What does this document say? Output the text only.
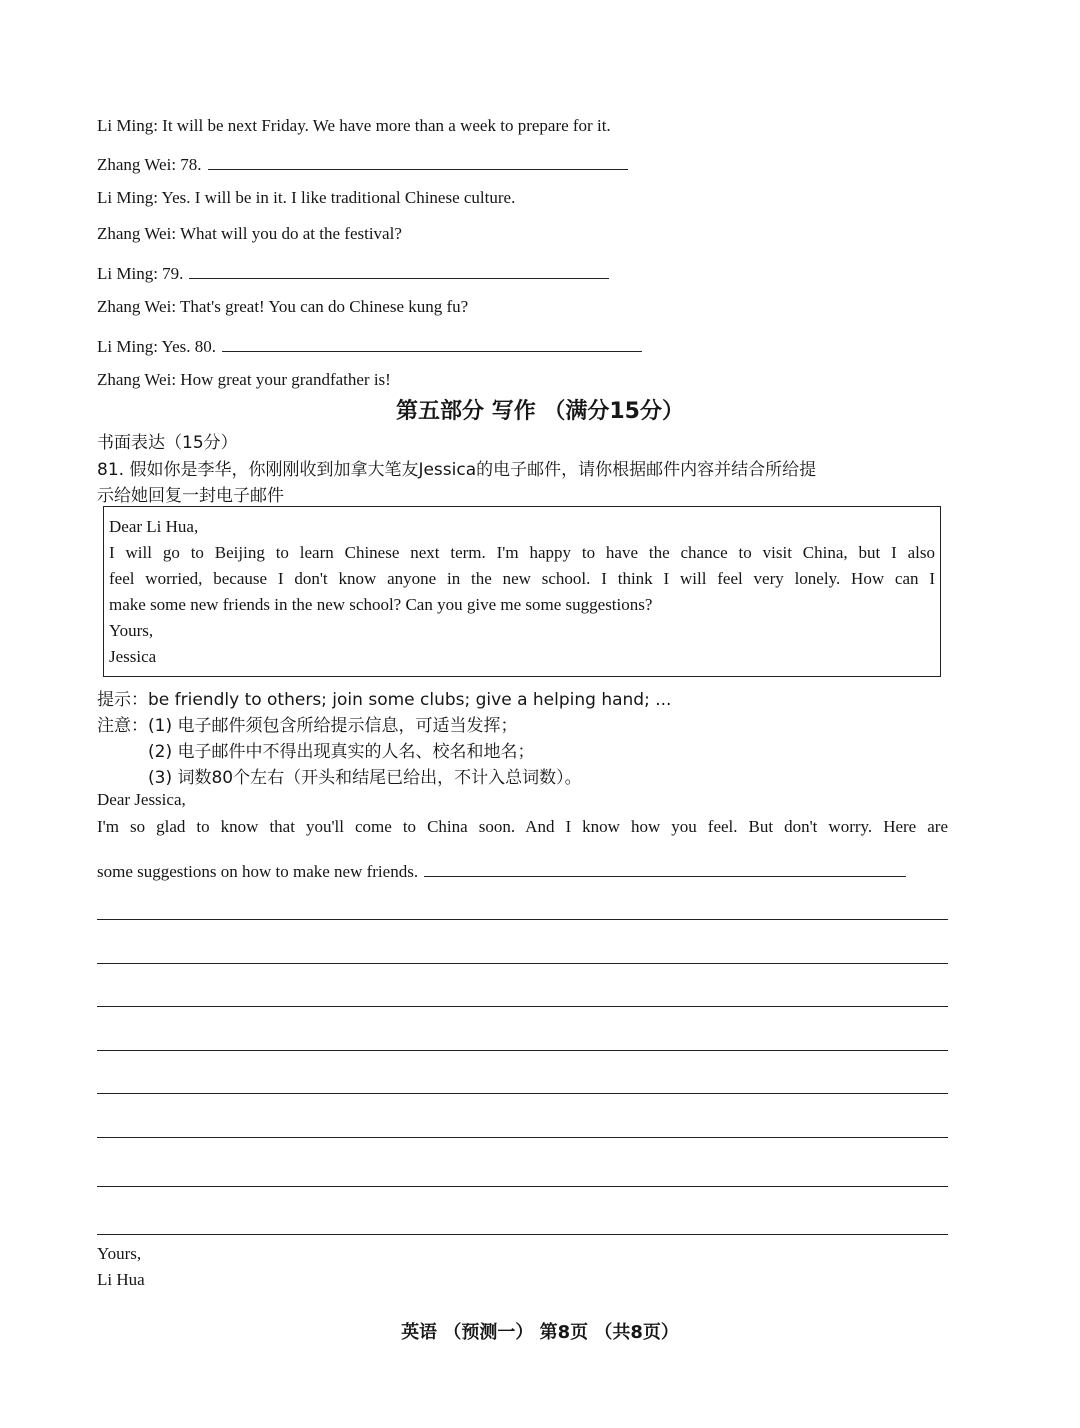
Li Ming: It will be next Friday. We have more than a week to prepare for it.
Zhang Wei: 78.
Li Ming: Yes. I will be in it. I like traditional Chinese culture.
Zhang Wei: What will you do at the festival?
Li Ming: 79.
Zhang Wei: That's great! You can do Chinese kung fu?
Li Ming: Yes. 80.
Zhang Wei: How great your grandfather is!
第五部分 写作 （满分15分）
书面表达（15分）
81. 假如你是李华，你刚刚收到加拿大笔友Jessica的电子邮件，请你根据邮件内容并结合所给提
示给她回复一封电子邮件
Dear Li Hua,
I will go to Beijing to learn Chinese next term. I'm happy to have the chance to visit China, but I also
feel worried, because I don't know anyone in the new school. I think I will feel very lonely. How can I
make some new friends in the new school? Can you give me some suggestions?
Yours,
Jessica
提示：be friendly to others; join some clubs; give a helping hand; ...
注意：(1) 电子邮件须包含所给提示信息，可适当发挥；
(2) 电子邮件中不得出现真实的人名、校名和地名；
(3) 词数80个左右（开头和结尾已给出，不计入总词数）。
Dear Jessica,
I'm so glad to know that you'll come to China soon. And I know how you feel. But don't worry. Here are
some suggestions on how to make new friends.
Yours,
Li Hua
英语 （预测一） 第8页 （共8页）
